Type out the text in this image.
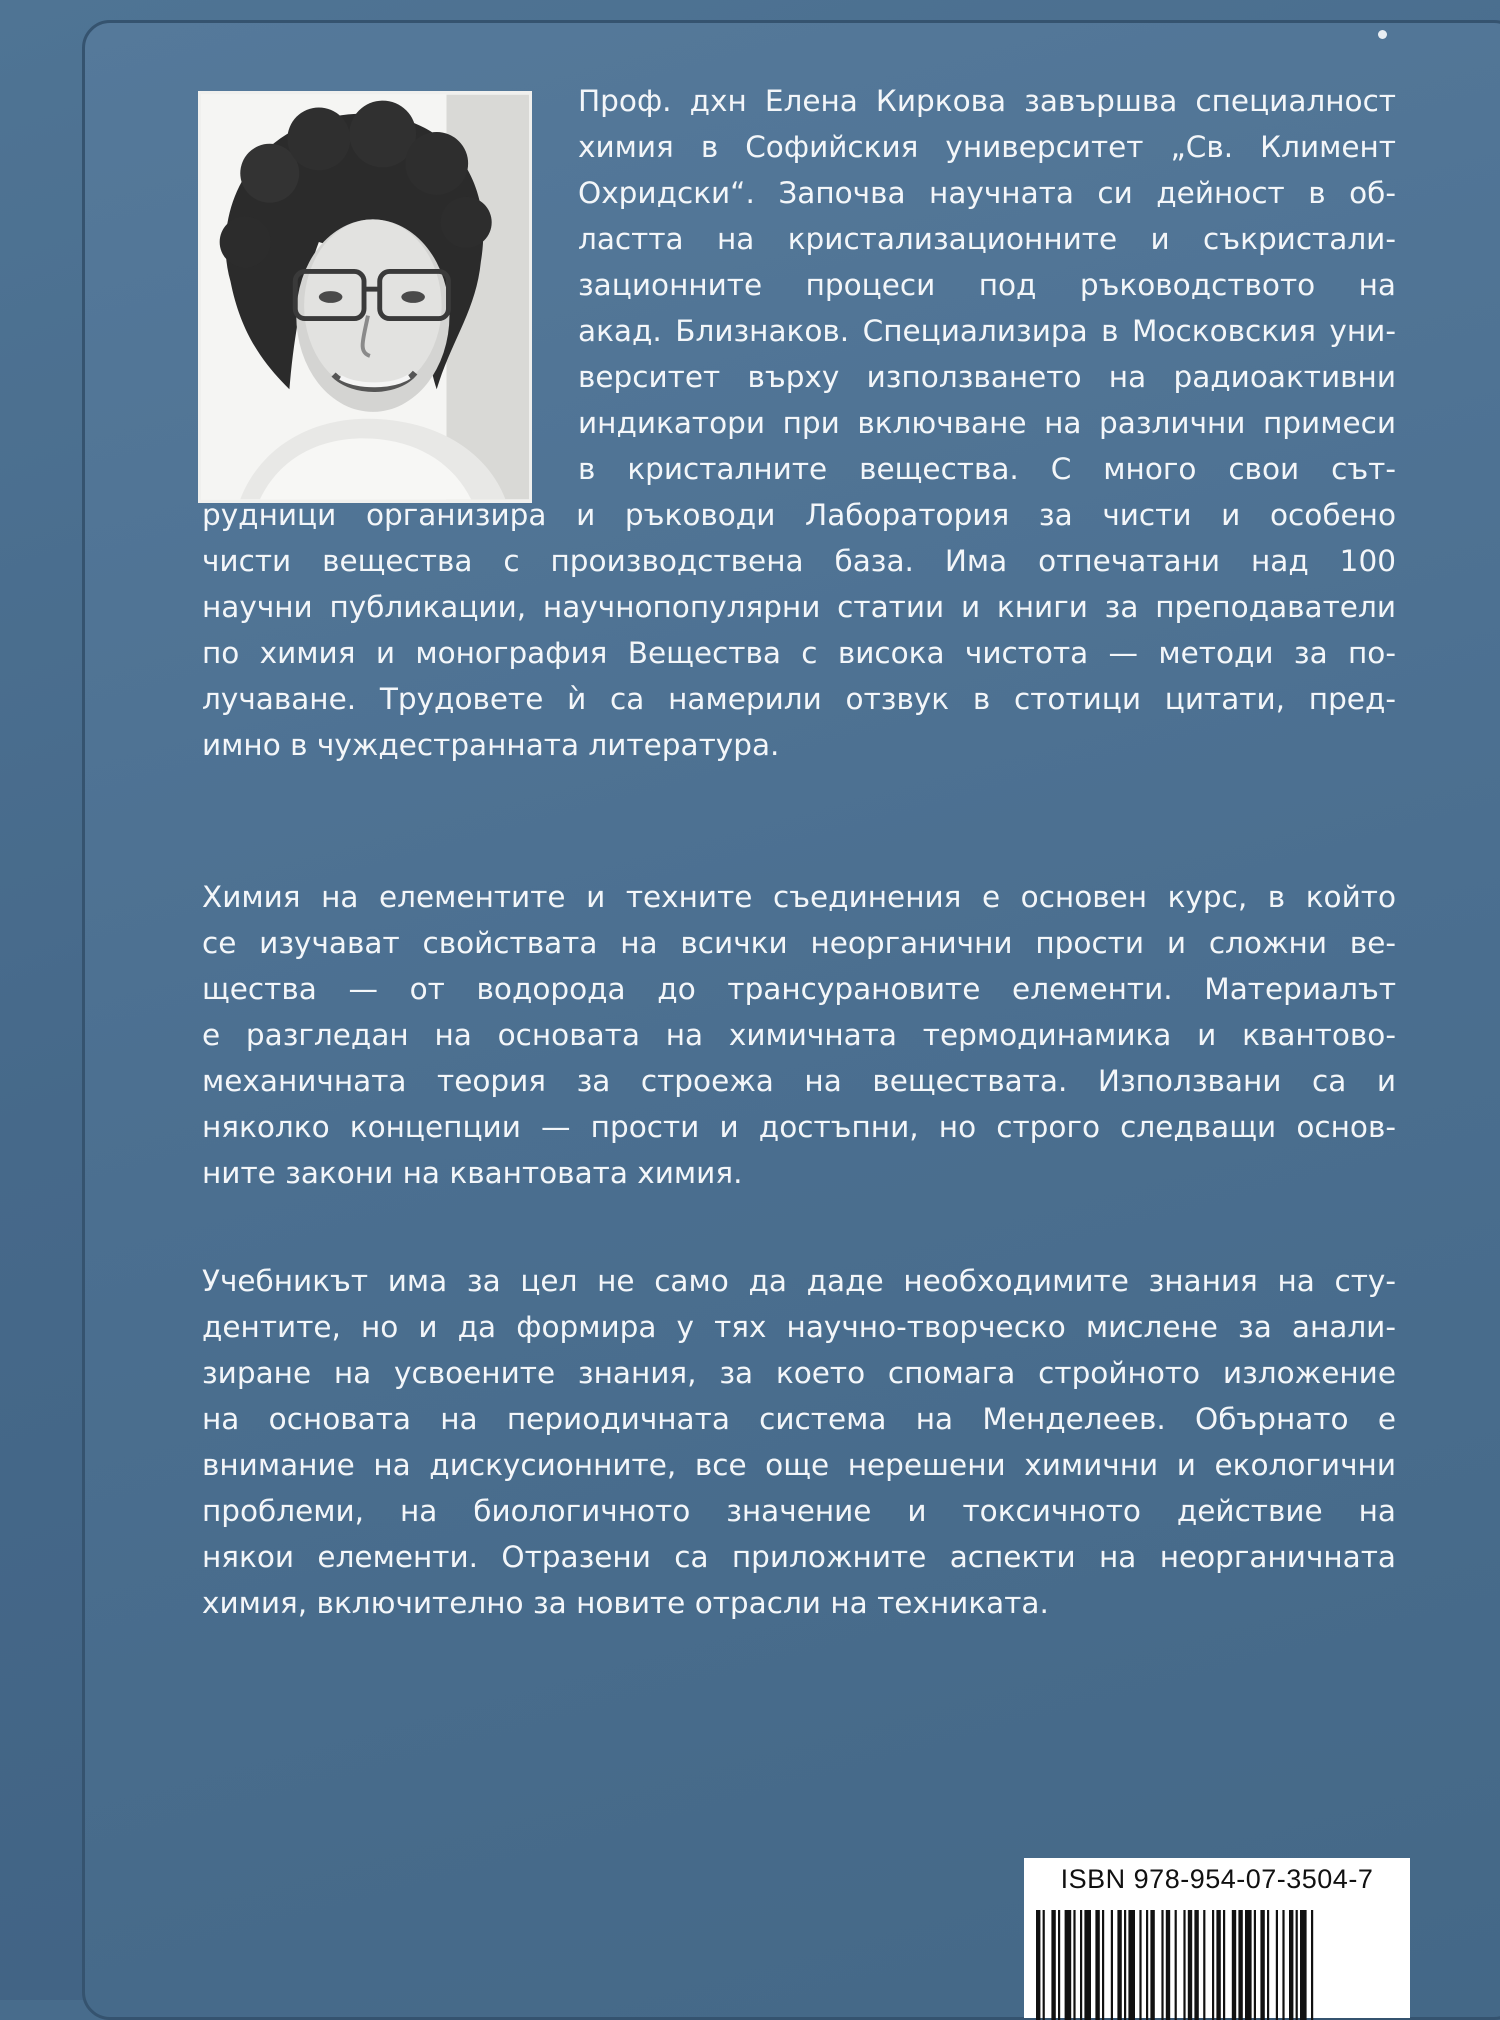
Проф. дхн Елена Киркова завършва специалност
химия в Софийския университет „Св. Климент
Охридски“. Започва научната си дейност в об-
ластта на кристализационните и съкристали-
зационните процеси под ръководството на
акад. Близнаков. Специализира в Московския уни-
верситет върху използването на радиоактивни
индикатори при включване на различни примеси
в кристалните вещества. С много свои сът-
рудници организира и ръководи Лаборатория за чисти и особено
чисти вещества с производствена база. Има отпечатани над 100
научни публикации, научнопопулярни статии и книги за преподаватели
по химия и монография Вещества с висока чистота — методи за по-
лучаване. Трудовете ѝ са намерили отзвук в стотици цитати, пред-
имно в чуждестранната литература.
Химия на елементите и техните съединения е основен курс, в който
се изучават свойствата на всички неорганични прости и сложни ве-
щества — от водорода до трансурановите елементи. Материалът
е разгледан на основата на химичната термодинамика и квантово-
механичната теория за строежа на веществата. Използвани са и
няколко концепции — прости и достъпни, но строго следващи основ-
ните закони на квантовата химия.
Учебникът има за цел не само да даде необходимите знания на сту-
дентите, но и да формира у тях научно-творческо мислене за анали-
зиране на усвоените знания, за което спомага стройното изложение
на основата на периодичната система на Менделеев. Обърнато е
внимание на дискусионните, все още нерешени химични и екологични
проблеми, на биологичното значение и токсичното действие на
някои елементи. Отразени са приложните аспекти на неорганичната
химия, включително за новите отрасли на техниката.
ISBN 978-954-07-3504-7
